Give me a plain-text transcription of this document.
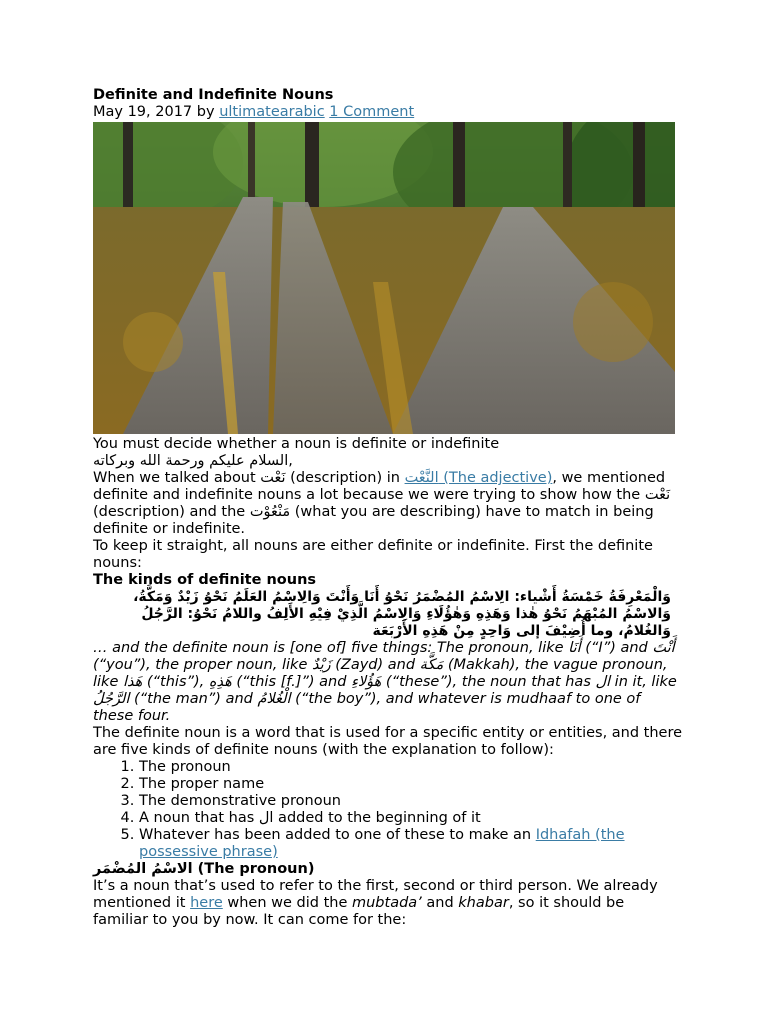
Definite and Indefinite Nouns
May 19, 2017 by ultimatearabic 1 Comment

You must decide whether a noun is definite or indefinite

السلام عليكم ورحمة الله وبركاته,

When we talked about نَعْت (description) in النَّعْت (The adjective), we mentioned definite and indefinite nouns a lot because we were trying to show how the نَعْت (description) and the مَنْعُوْت (what you are describing) have to match in being definite or indefinite.

To keep it straight, all nouns are either definite or indefinite. First the definite nouns:

The kinds of definite nouns

وَالْمَعْرِفَةُ خَمْسَةُ أَشْياء: الِاسْمُ المُضْمَرُ نَحْوُ أَنَا وَأَنْتَ وَالِاسْمُ العَلَمُ نَحْوُ زَيْدٌ وَمَكَّةُ، وَالاسْمُ المُبْهَمُ نَحْوُ هٰذا وَهَذِهِ وَهٰؤُلَاءِ وَالِاسْمُ الَّذِيْ فِيْهِ الأَلِفُ واللامُ نَحْوُ: الرَّجُلُ وَالغُلامُ، وما أُضِيْفَ إلى وَاحِدٍ مِنْ هَذِهِ الأَرْبَعَة

… and the definite noun is [one of] five things: The pronoun, like أَنَا (“I”) and أَنْتَ (“you”), the proper noun, like زَيْدٌ (Zayd) and مَكَّة (Makkah), the vague pronoun, like هَذا (“this”), هَذِهِ (“this [f.]”) and هَؤُلاءِ (“these”), the noun that has ال in it, like الرَّجُلُ (“the man”) and الْغُلامُ (“the boy”), and whatever is mudhaaf to one of these four.

The definite noun is a word that is used for a specific entity or entities, and there are five kinds of definite nouns (with the explanation to follow):

1. The pronoun
2. The proper name
3. The demonstrative pronoun
4. A noun that has ال added to the beginning of it
5. Whatever has been added to one of these to make an Idhafah (the possessive phrase)

الاسْمُ المُضْمَر (The pronoun)

It’s a noun that’s used to refer to the first, second or third person. We already mentioned it here when we did the mubtada’ and khabar, so it should be familiar to you by now. It can come for the:
